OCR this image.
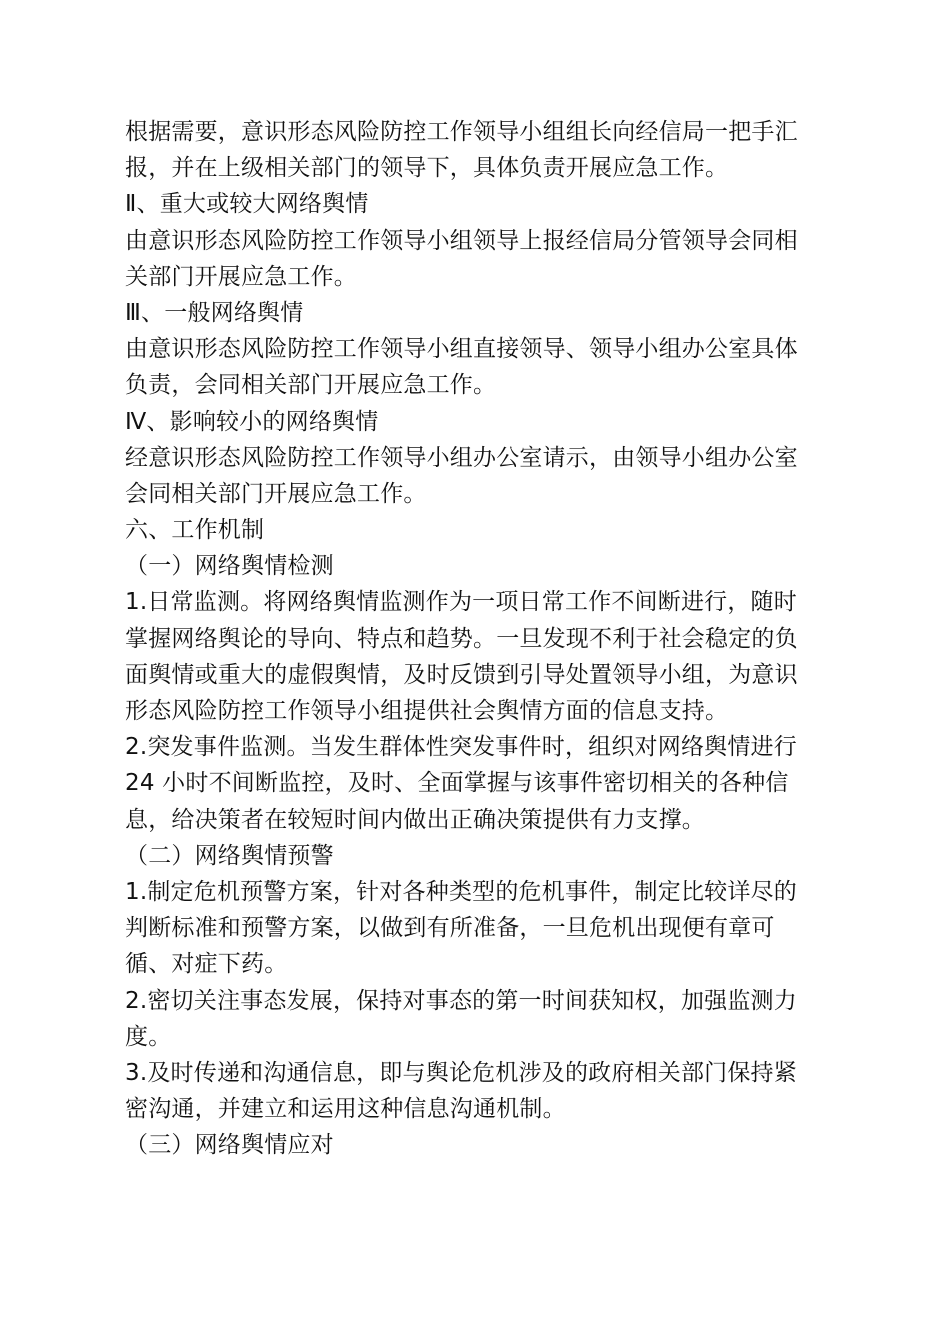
根据需要，意识形态风险防控工作领导小组组长向经信局一把手汇
报，并在上级相关部门的领导下，具体负责开展应急工作。
Ⅱ、重大或较大网络舆情
由意识形态风险防控工作领导小组领导上报经信局分管领导会同相
关部门开展应急工作。
Ⅲ、一般网络舆情
由意识形态风险防控工作领导小组直接领导、领导小组办公室具体
负责，会同相关部门开展应急工作。
Ⅳ、影响较小的网络舆情
经意识形态风险防控工作领导小组办公室请示，由领导小组办公室
会同相关部门开展应急工作。
六、工作机制
（一）网络舆情检测
1.日常监测。将网络舆情监测作为一项日常工作不间断进行，随时
掌握网络舆论的导向、特点和趋势。一旦发现不利于社会稳定的负
面舆情或重大的虚假舆情，及时反馈到引导处置领导小组，为意识
形态风险防控工作领导小组提供社会舆情方面的信息支持。
2.突发事件监测。当发生群体性突发事件时，组织对网络舆情进行
24 小时不间断监控，及时、全面掌握与该事件密切相关的各种信
息，给决策者在较短时间内做出正确决策提供有力支撑。
（二）网络舆情预警
1.制定危机预警方案，针对各种类型的危机事件，制定比较详尽的
判断标准和预警方案，以做到有所准备，一旦危机出现便有章可
循、对症下药。
2.密切关注事态发展，保持对事态的第一时间获知权，加强监测力
度。
3.及时传递和沟通信息，即与舆论危机涉及的政府相关部门保持紧
密沟通，并建立和运用这种信息沟通机制。
（三）网络舆情应对
